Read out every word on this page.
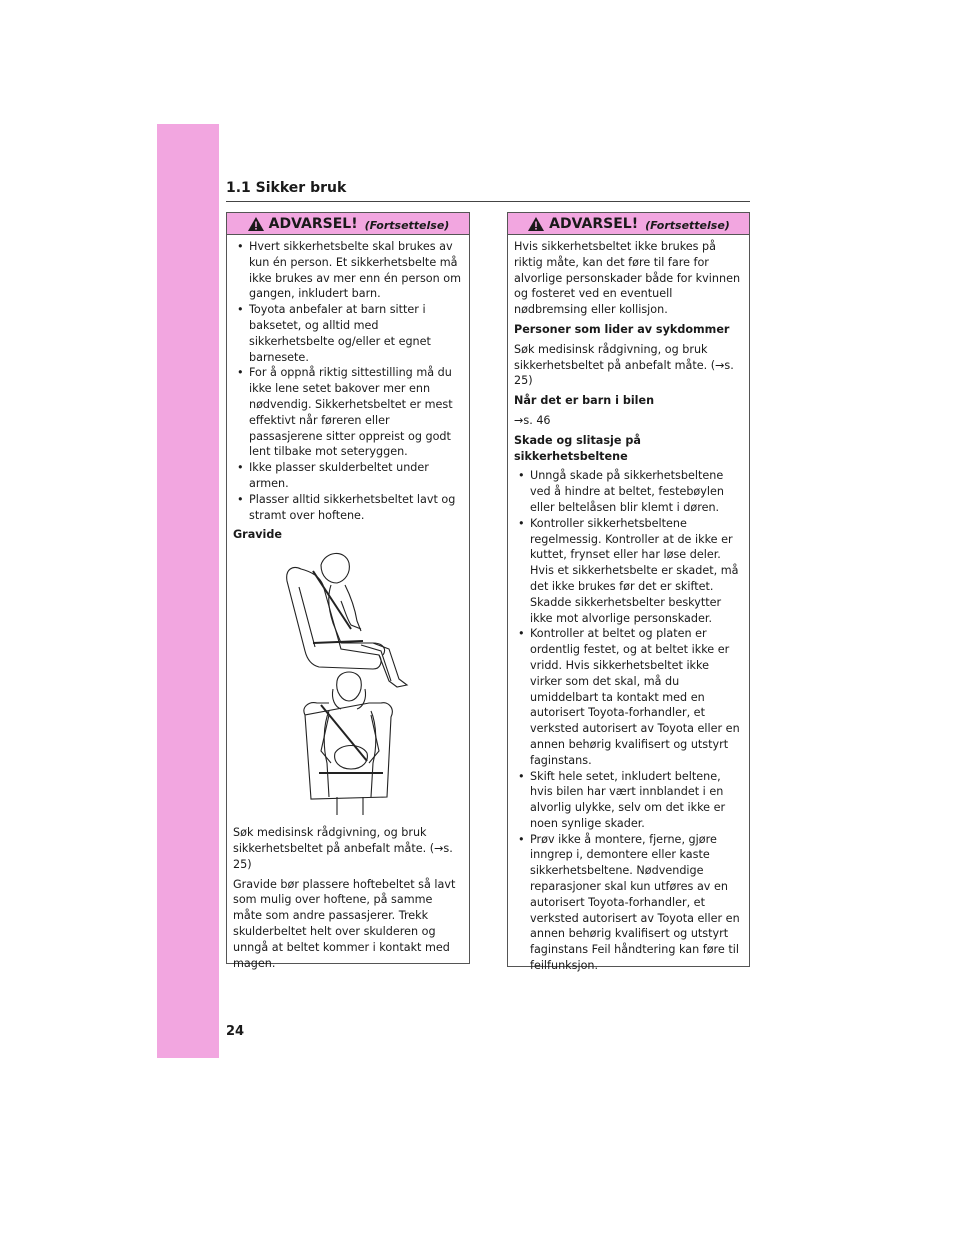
1.1 Sikker bruk
ADVARSEL! (Fortsettelse)
• Hvert sikkerhetsbelte skal brukes av kun én person. Et sikkerhetsbelte må ikke brukes av mer enn én person om gangen, inkludert barn.
• Toyota anbefaler at barn sitter i baksetet, og alltid med sikkerhetsbelte og/eller et egnet barnesete.
• For å oppnå riktig sittestilling må du ikke lene setet bakover mer enn nødvendig. Sikkerhetsbeltet er mest effektivt når føreren eller passasjerene sitter oppreist og godt lent tilbake mot seteryggen.
• Ikke plasser skulderbeltet under armen.
• Plasser alltid sikkerhetsbeltet lavt og stramt over hoftene.
Gravide

Søk medisinsk rådgivning, og bruk sikkerhetsbeltet på anbefalt måte. (→s. 25)

Gravide bør plassere hoftebeltet så lavt som mulig over hoftene, på samme måte som andre passasjerer. Trekk skulderbeltet helt over skulderen og unngå at beltet kommer i kontakt med magen.

ADVARSEL! (Fortsettelse)

Hvis sikkerhetsbeltet ikke brukes på riktig måte, kan det føre til fare for alvorlige personskader både for kvinnen og fosteret ved en eventuell nødbremsing eller kollisjon.

Personer som lider av sykdommer

Søk medisinsk rådgivning, og bruk sikkerhetsbeltet på anbefalt måte. (→s. 25)

Når det er barn i bilen

→s. 46

Skade og slitasje på sikkerhetsbeltene
• Unngå skade på sikkerhetsbeltene ved å hindre at beltet, festebøylen eller beltelåsen blir klemt i døren.
• Kontroller sikkerhetsbeltene regelmessig. Kontroller at de ikke er kuttet, frynset eller har løse deler. Hvis et sikkerhetsbelte er skadet, må det ikke brukes før det er skiftet. Skadde sikkerhetsbelter beskytter ikke mot alvorlige personskader.
• Kontroller at beltet og platen er ordentlig festet, og at beltet ikke er vridd. Hvis sikkerhetsbeltet ikke virker som det skal, må du umiddelbart ta kontakt med en autorisert Toyota-forhandler, et verksted autorisert av Toyota eller en annen behørig kvalifisert og utstyrt faginstans.
• Skift hele setet, inkludert beltene, hvis bilen har vært innblandet i en alvorlig ulykke, selv om det ikke er noen synlige skader.
• Prøv ikke å montere, fjerne, gjøre inngrep i, demontere eller kaste sikkerhetsbeltene. Nødvendige reparasjoner skal kun utføres av en autorisert Toyota-forhandler, et verksted autorisert av Toyota eller en annen behørig kvalifisert og utstyrt faginstans Feil håndtering kan føre til feilfunksjon.
24
